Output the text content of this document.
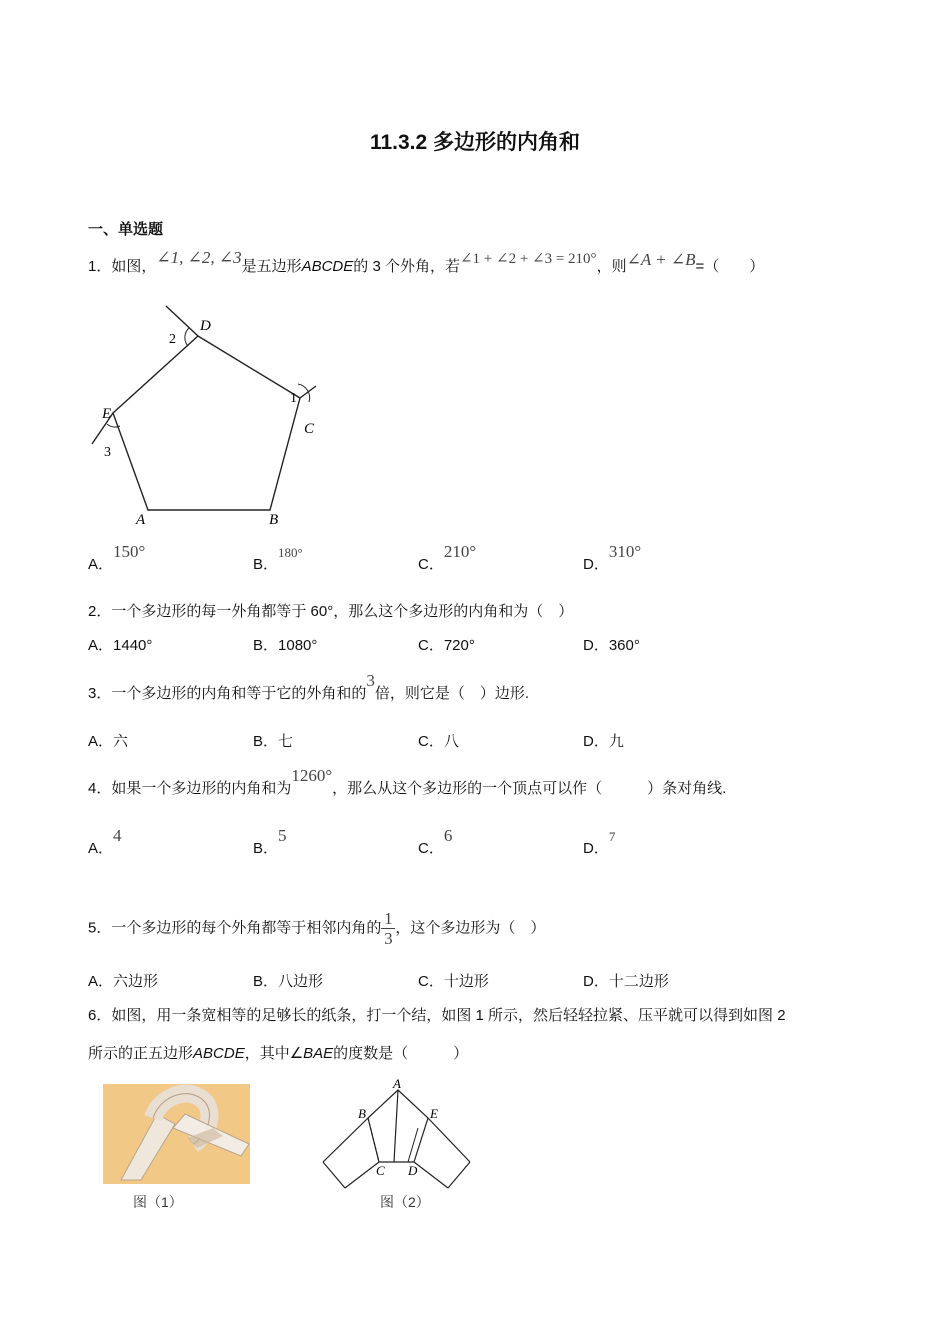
11.3.2 多边形的内角和
一、单选题
1．如图，∠1, ∠2, ∠3是五边形ABCDE的 3 个外角，若∠1 + ∠2 + ∠3 = 210°，则∠A + ∠B=（　　）
D
C
E
A	B
1
2
3
A．150°
B．180°
C．210°
D．310°
2．一个多边形的每一外角都等于 60°，那么这个多边形的内角和为（　）
A．1440°	B．1080°	C．720°	D．360°
3．一个多边形的内角和等于它的外角和的3倍，则它是（　）边形.
A．六	B．七	C．八	D．九
4．如果一个多边形的内角和为1260°，那么从这个多边形的一个顶点可以作（　　　）条对角线.
A．4
B．5
C．6
D．7
5．一个多边形的每个外角都等于相邻内角的 $\frac{1}{3}$ ，这个多边形为（　）
A．六边形	B．八边形	C．十边形	D．十二边形
6．如图，用一条宽相等的足够长的纸条，打一个结，如图 1 所示，然后轻轻拉紧、压平就可以得到如图 2
所示的正五边形ABCDE，其中∠BAE的度数是（　　　）
图（1）
A
B
C D
E
图（2）
